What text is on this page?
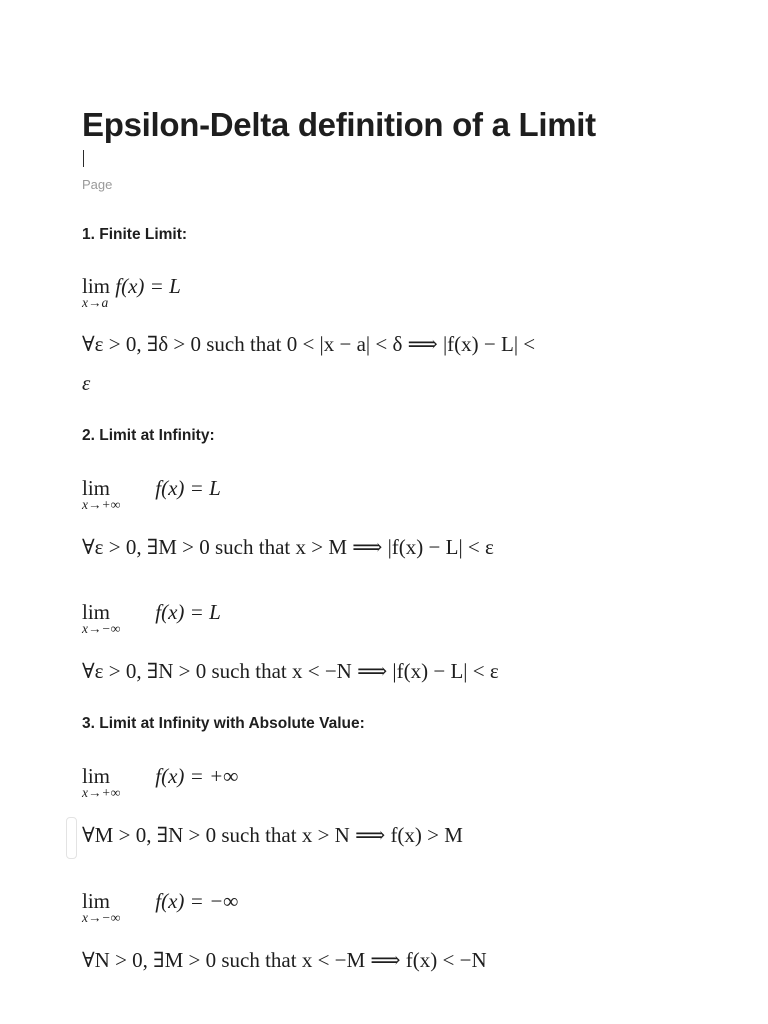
Epsilon-Delta definition of a Limit
Page
1. Finite Limit:
lim
x→a
f(x) = L
∀ε > 0, ∃δ > 0 such that 0 < |x − a| < δ ⟹ |f(x) − L| <
ε
2. Limit at Infinity:
lim
x→+∞
f(x) = L
∀ε > 0, ∃M > 0 such that x > M ⟹ |f(x) − L| < ε
lim
x→−∞
f(x) = L
∀ε > 0, ∃N > 0 such that x < −N ⟹ |f(x) − L| < ε
3. Limit at Infinity with Absolute Value:
lim
x→+∞
f(x) = +∞
∀M > 0, ∃N > 0 such that x > N ⟹ f(x) > M
lim
x→−∞
f(x) = −∞
∀N > 0, ∃M > 0 such that x < −M ⟹ f(x) < −N
